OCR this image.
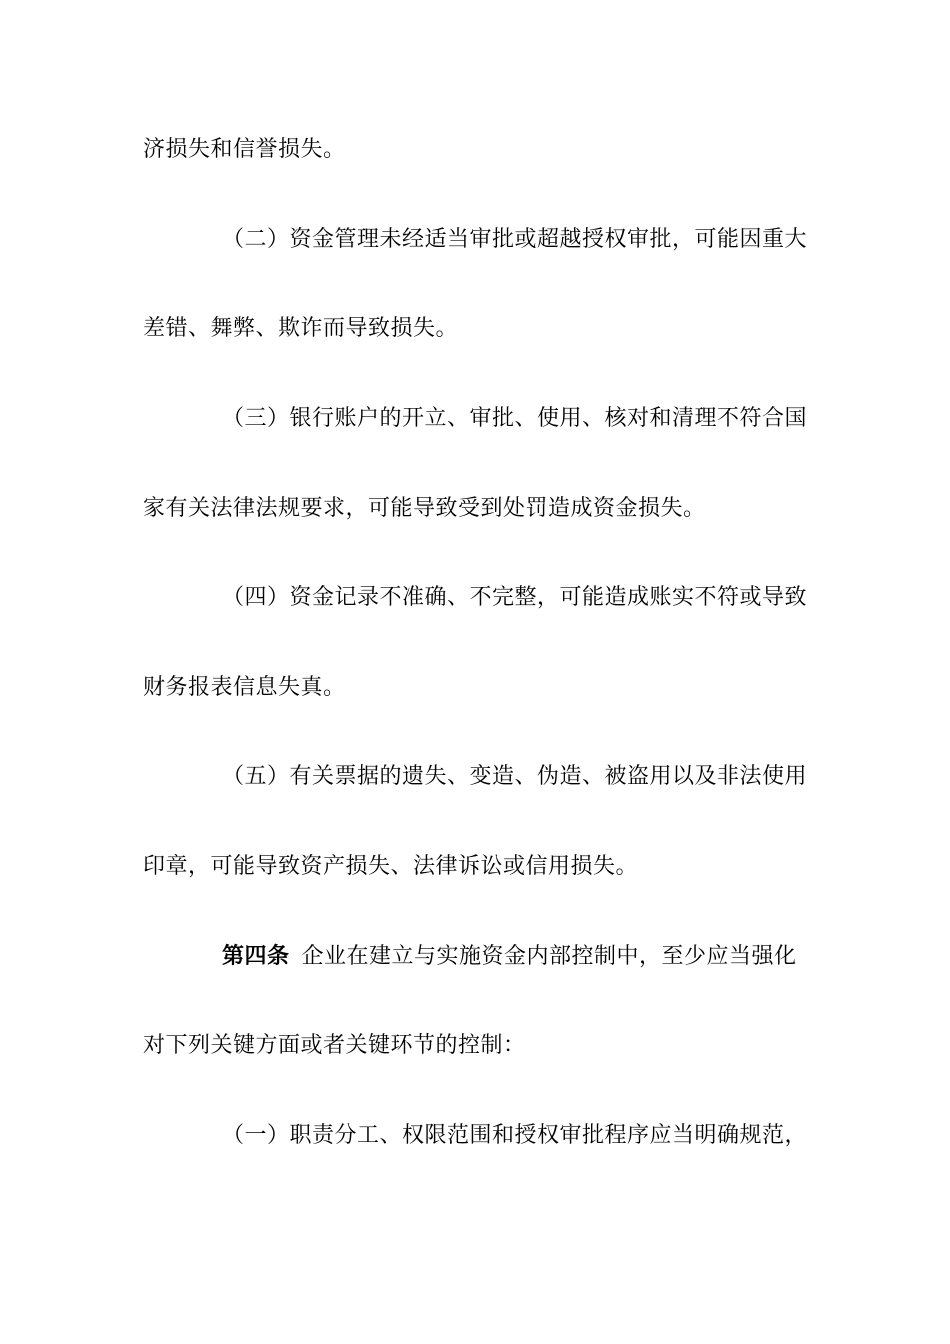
济损失和信誉损失。
（二）资金管理未经适当审批或超越授权审批，可能因重大
差错、舞弊、欺诈而导致损失。
（三）银行账户的开立、审批、使用、核对和清理不符合国
家有关法律法规要求，可能导致受到处罚造成资金损失。
（四）资金记录不准确、不完整，可能造成账实不符或导致
财务报表信息失真。
（五）有关票据的遗失、变造、伪造、被盗用以及非法使用
印章，可能导致资产损失、法律诉讼或信用损失。
第四条 企业在建立与实施资金内部控制中，至少应当强化
对下列关键方面或者关键环节的控制：
（一）职责分工、权限范围和授权审批程序应当明确规范，
